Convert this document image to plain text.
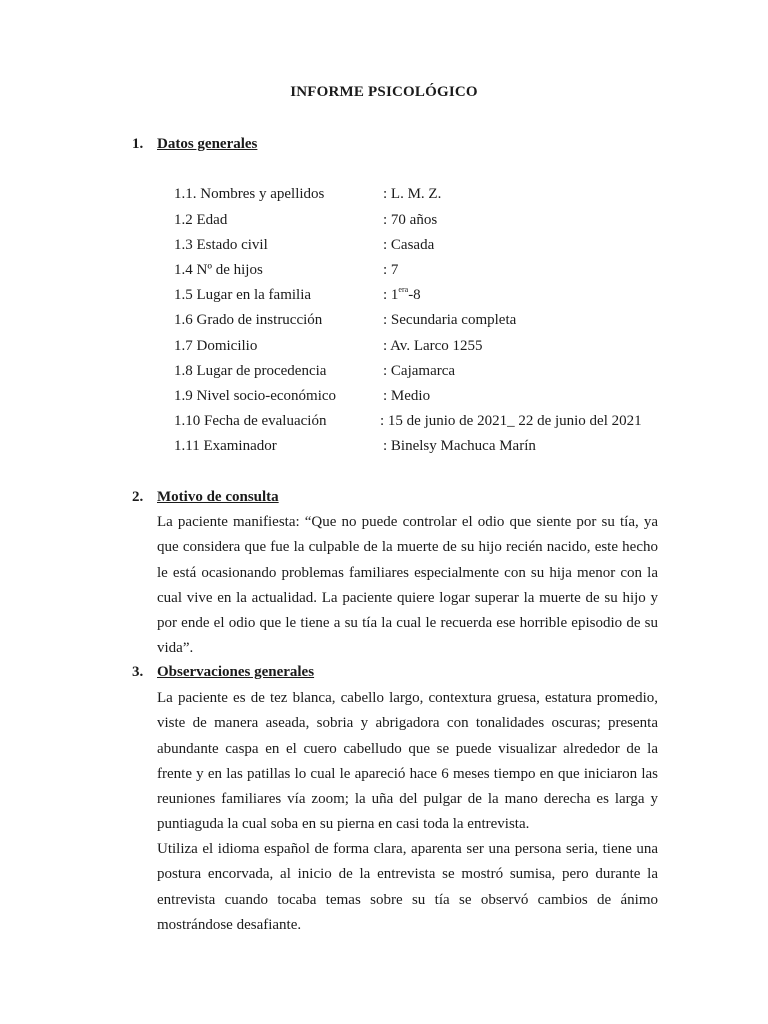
INFORME PSICOLÓGICO
1. Datos generales
1.1. Nombres y apellidos	: L. M. Z.
1.2 Edad	: 70 años
1.3 Estado civil	: Casada
1.4 Nº de hijos	: 7
1.5 Lugar en la familia	: $1^{era}-8$
1.6 Grado de instrucción	: Secundaria completa
1.7 Domicilio	: Av. Larco 1255
1.8 Lugar de procedencia	: Cajamarca
1.9 Nivel socio-económico	: Medio
1.10 Fecha de evaluación	: 15 de junio de 2021_ 22 de junio del 2021
1.11 Examinador	: Binelsy Machuca Marín
2. Motivo de consulta
La paciente manifiesta: “Que no puede controlar el odio que siente por su tía, ya que considera que fue la culpable de la muerte de su hijo recién nacido, este hecho le está ocasionando problemas familiares especialmente con su hija menor con la cual vive en la actualidad. La paciente quiere logar superar la muerte de su hijo y por ende el odio que le tiene a su tía la cual le recuerda ese horrible episodio de su vida”.
3. Observaciones generales
La paciente es de tez blanca, cabello largo, contextura gruesa, estatura promedio, viste de manera aseada, sobria y abrigadora con tonalidades oscuras; presenta abundante caspa en el cuero cabelludo que se puede visualizar alrededor de la frente y en las patillas lo cual le apareció hace 6 meses tiempo en que iniciaron las reuniones familiares vía zoom; la uña del pulgar de la mano derecha es larga y puntiaguda la cual soba en su pierna en casi toda la entrevista.
Utiliza el idioma español de forma clara, aparenta ser una persona seria, tiene una postura encorvada, al inicio de la entrevista se mostró sumisa, pero durante la entrevista cuando tocaba temas sobre su tía se observó cambios de ánimo mostrándose desafiante.
